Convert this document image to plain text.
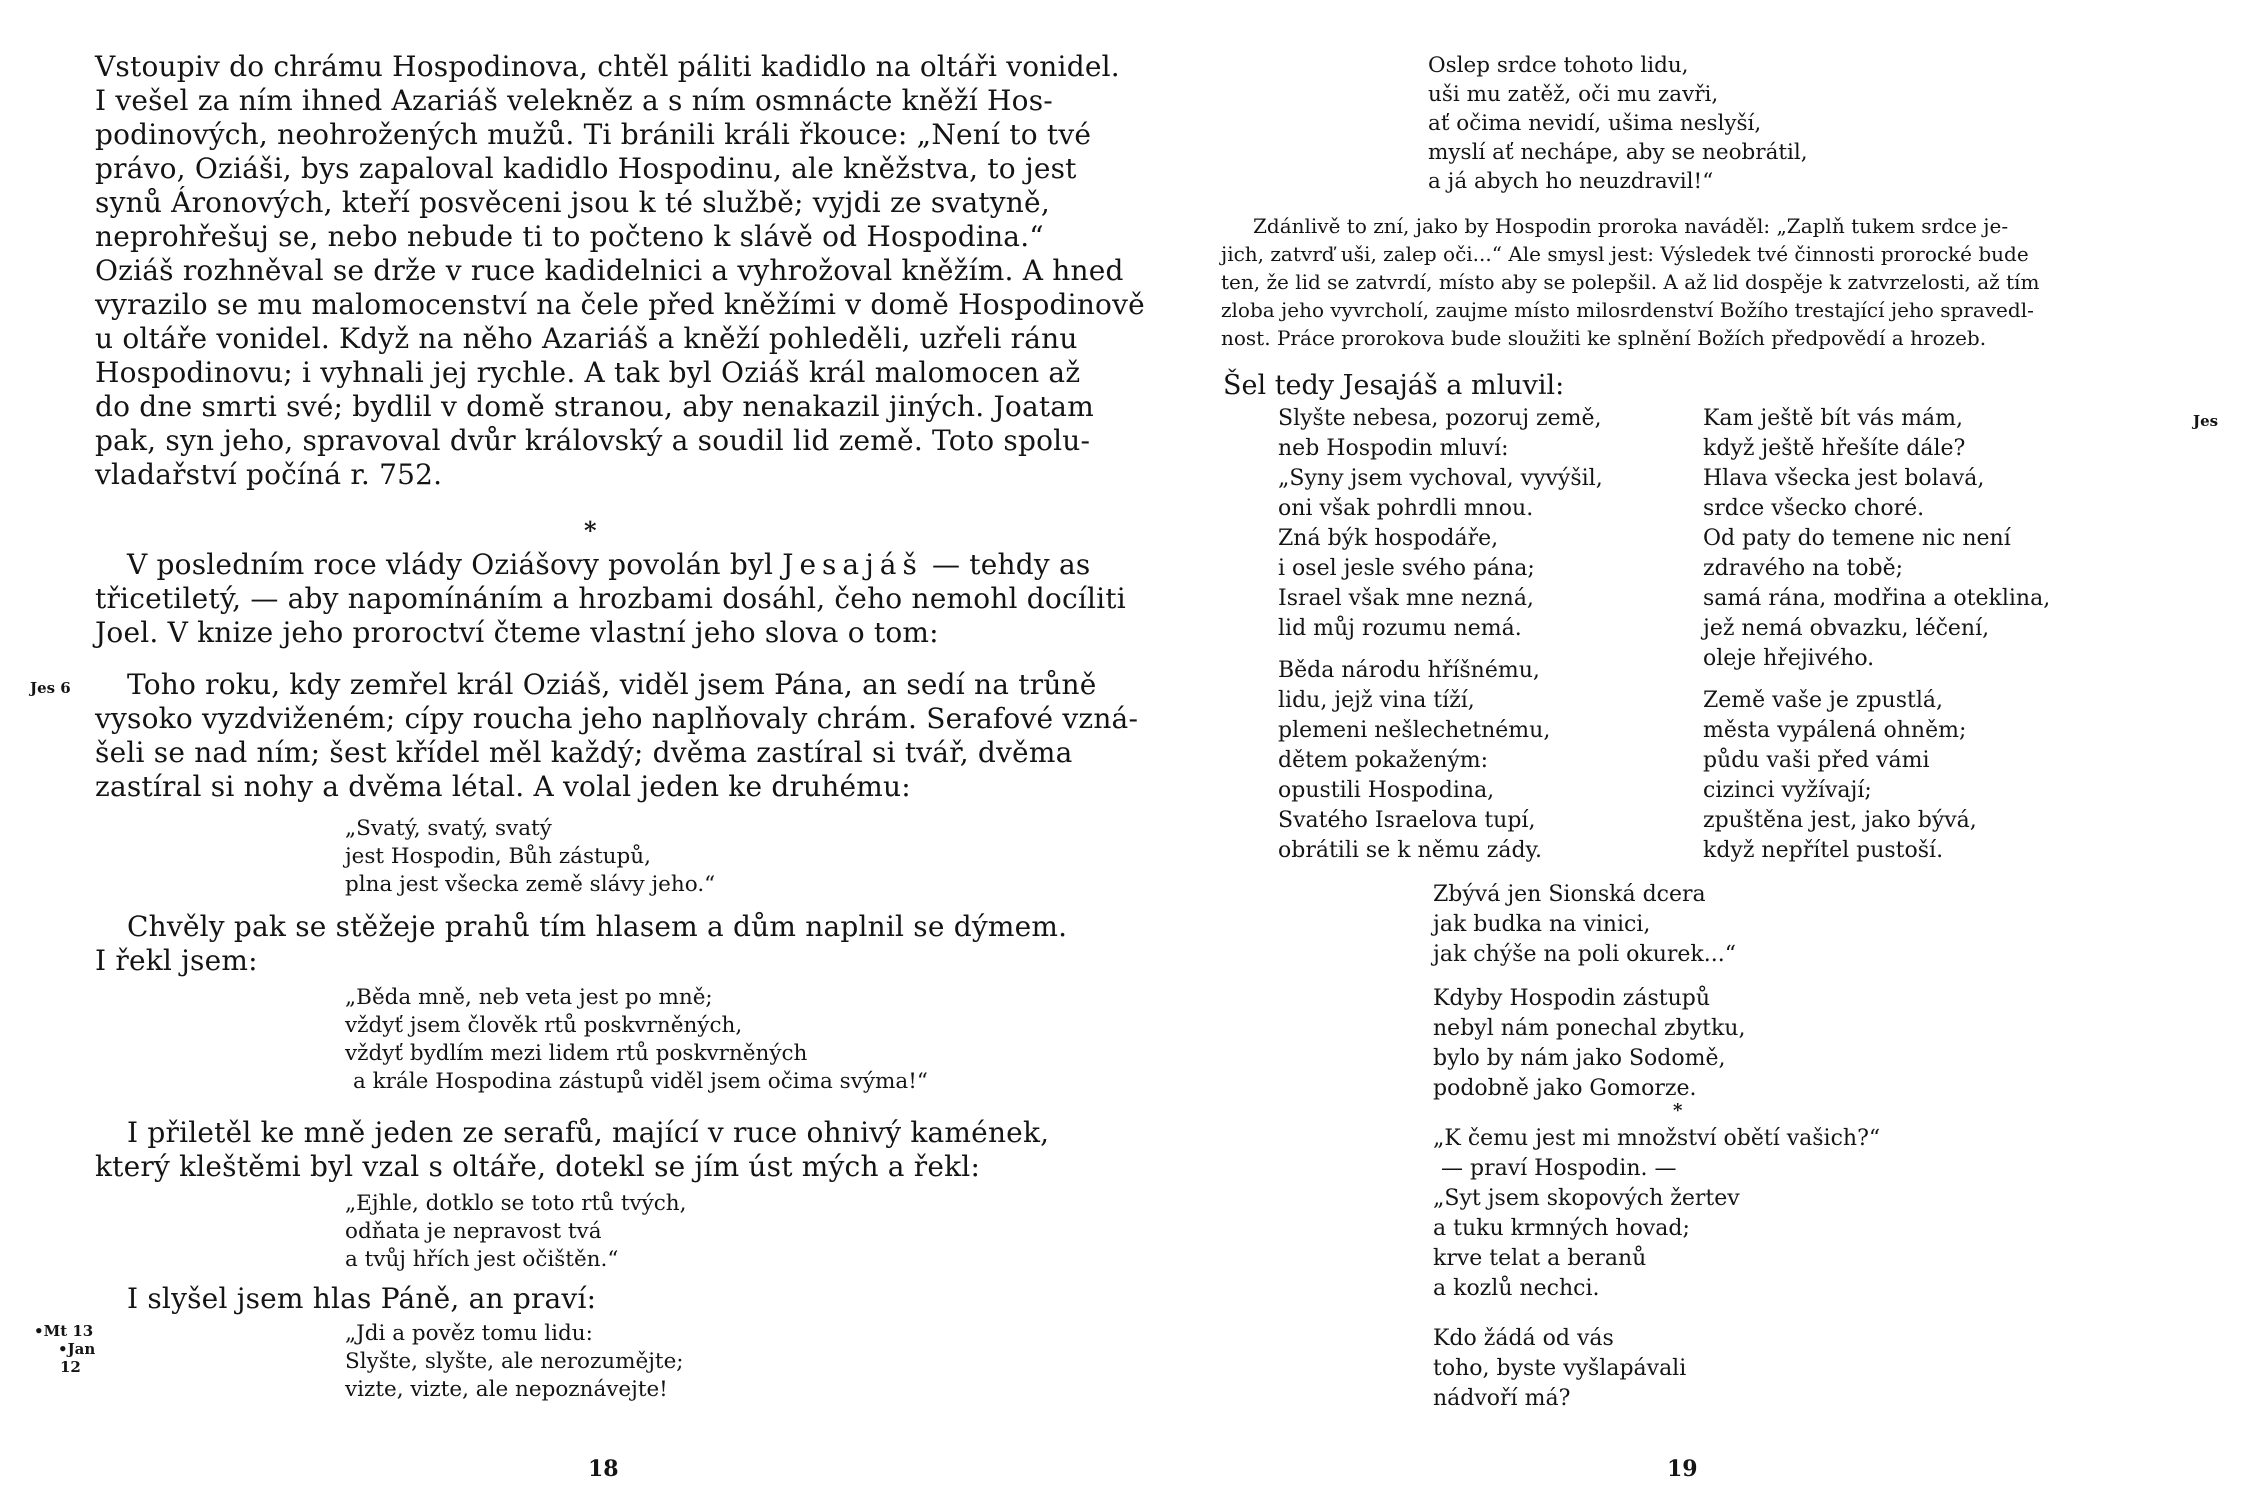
Vstoupiv do chrámu Hospodinova, chtěl páliti kadidlo na oltáři vonidel.

I vešel za ním ihned Azariáš velekněz a s ním osmnácte kněží Hos-

podinových, neohrožených mužů. Ti bránili králi řkouce: „Není to tvé

právo, Oziáši, bys zapaloval kadidlo Hospodinu, ale kněžstva, to jest

synů Áronových, kteří posvěceni jsou k té službě; vyjdi ze svatyně,

neprohřešuj se, nebo nebude ti to počteno k slávě od Hospodina.“

Oziáš rozhněval se drže v ruce kadidelnici a vyhrožoval kněžím. A hned

vyrazilo se mu malomocenství na čele před kněžími v domě Hospodinově

u oltáře vonidel. Když na něho Azariáš a kněží pohleděli, uzřeli ránu

Hospodinovu; i vyhnali jej rychle. A tak byl Oziáš král malomocen až

do dne smrti své; bydlil v domě stranou, aby nenakazil jiných. Joatam

pak, syn jeho, spravoval dvůr královský a soudil lid země. Toto spolu-

vladařství počíná r. 752.

*

V posledním roce vlády Oziášovy povolán byl Jesajáš — tehdy as

třicetiletý, — aby napomínáním a hrozbami dosáhl, čeho nemohl docíliti

Joel. V knize jeho proroctví čteme vlastní jeho slova o tom:

Jes 6 Toho roku, kdy zemřel král Oziáš, viděl jsem Pána, an sedí na trůně

vysoko vyzdviženém; cípy roucha jeho naplňovaly chrám. Serafové vzná-

šeli se nad ním; šest křídel měl každý; dvěma zastíral si tvář, dvěma

zastíral si nohy a dvěma létal. A volal jeden ke druhému:

„Svatý, svatý, svatý

jest Hospodin, Bůh zástupů,

plna jest všecka země slávy jeho.“

Chvěly pak se stěžeje prahů tím hlasem a dům naplnil se dýmem.

I řekl jsem:

„Běda mně, neb veta jest po mně;

vždyť jsem člověk rtů poskvrněných,

vždyť bydlím mezi lidem rtů poskvrněných

a krále Hospodina zástupů viděl jsem očima svýma!“

I přiletěl ke mně jeden ze serafů, mající v ruce ohnivý kamének,

který kleštěmi byl vzal s oltáře, dotekl se jím úst mých a řekl:

„Ejhle, dotklo se toto rtů tvých,

odňata je nepravost tvá

a tvůj hřích jest očištěn.“

I slyšel jsem hlas Páně, an praví:

•Mt 13
•Jan
12

„Jdi a pověz tomu lidu:

Slyšte, slyšte, ale nerozumějte;

vizte, vizte, ale nepoznávejte!

18

Oslep srdce tohoto lidu,

uši mu zatěž, oči mu zavři,

ať očima nevidí, ušima neslyší,

myslí ať nechápe, aby se neobrátil,

a já abych ho neuzdravil!“

Zdánlivě to zní, jako by Hospodin proroka naváděl: „Zaplň tukem srdce je-

jich, zatvrď uši, zalep oči...“ Ale smysl jest: Výsledek tvé činnosti prorocké bude

ten, že lid se zatvrdí, místo aby se polepšil. A až lid dospěje k zatvrzelosti, až tím

zloba jeho vyvrcholí, zaujme místo milosrdenství Božího trestající jeho spravedl-

nost. Práce prorokova bude sloužiti ke splnění Božích předpovědí a hrozeb.

Šel tedy Jesajáš a mluvil:

Jes

Slyšte nebesa, pozoruj země,

neb Hospodin mluví:

„Syny jsem vychoval, vyvýšil,

oni však pohrdli mnou.

Zná býk hospodáře,

i osel jesle svého pána;

Israel však mne nezná,

lid můj rozumu nemá.

Běda národu hříšnému,

lidu, jejž vina tíží,

plemeni nešlechetnému,

dětem pokaženým:

opustili Hospodina,

Svatého Israelova tupí,

obrátili se k němu zády.

Kam ještě bít vás mám,

když ještě hřešíte dále?

Hlava všecka jest bolavá,

srdce všecko choré.

Od paty do temene nic není

zdravého na tobě;

samá rána, modřina a oteklina,

jež nemá obvazku, léčení,

oleje hřejivého.

Země vaše je zpustlá,

města vypálená ohněm;

půdu vaši před vámi

cizinci vyžívají;

zpuštěna jest, jako bývá,

když nepřítel pustoší.

Zbývá jen Sionská dcera

jak budka na vinici,

jak chýše na poli okurek...“

Kdyby Hospodin zástupů

nebyl nám ponechal zbytku,

bylo by nám jako Sodomě,

podobně jako Gomorze.

*

„K čemu jest mi množství obětí vašich?“

— praví Hospodin. —

„Syt jsem skopových žertev

a tuku krmných hovad;

krve telat a beranů

a kozlů nechci.

Kdo žádá od vás

toho, byste vyšlapávali

nádvoří má?

19
